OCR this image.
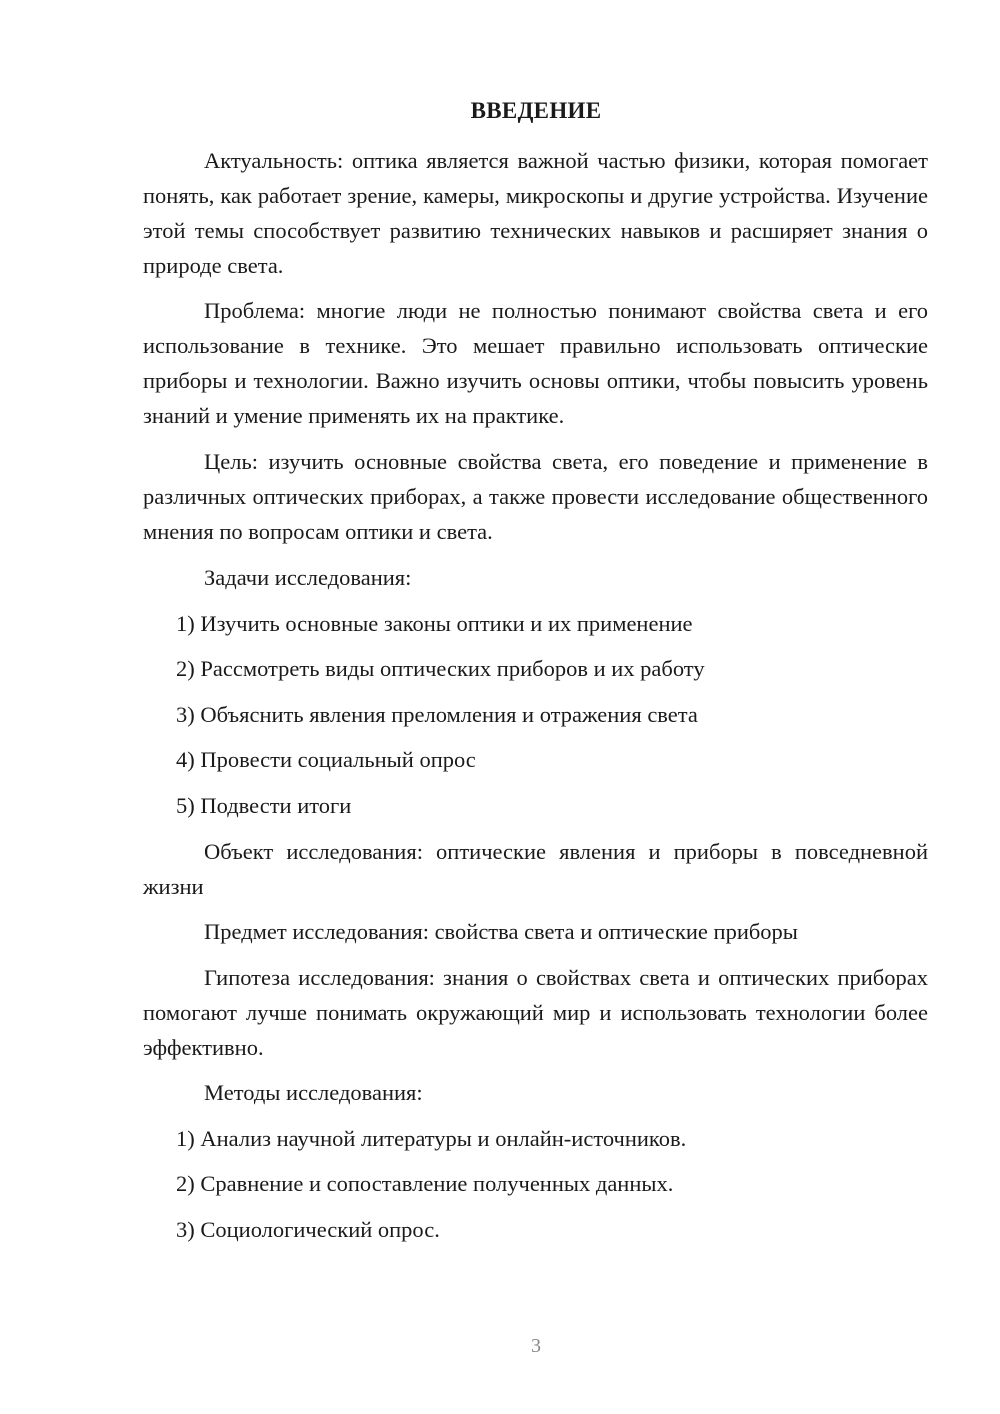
ВВЕДЕНИЕ

Актуальность: оптика является важной частью физики, которая помогает понять, как работает зрение, камеры, микроскопы и другие устройства. Изучение этой темы способствует развитию технических навыков и расширяет знания о природе света.

Проблема: многие люди не полностью понимают свойства света и его использование в технике. Это мешает правильно использовать оптические приборы и технологии. Важно изучить основы оптики, чтобы повысить уровень знаний и умение применять их на практике.

Цель: изучить основные свойства света, его поведение и применение в различных оптических приборах, а также провести исследование общественного мнения по вопросам оптики и света.

Задачи исследования:

1) Изучить основные законы оптики и их применение

2) Рассмотреть виды оптических приборов и их работу

3) Объяснить явления преломления и отражения света

4) Провести социальный опрос

5) Подвести итоги

Объект исследования: оптические явления и приборы в повседневной жизни

Предмет исследования: свойства света и оптические приборы

Гипотеза исследования: знания о свойствах света и оптических приборах помогают лучше понимать окружающий мир и использовать технологии более эффективно.

Методы исследования:

1) Анализ научной литературы и онлайн-источников.

2) Сравнение и сопоставление полученных данных.

3) Социологический опрос.

3
